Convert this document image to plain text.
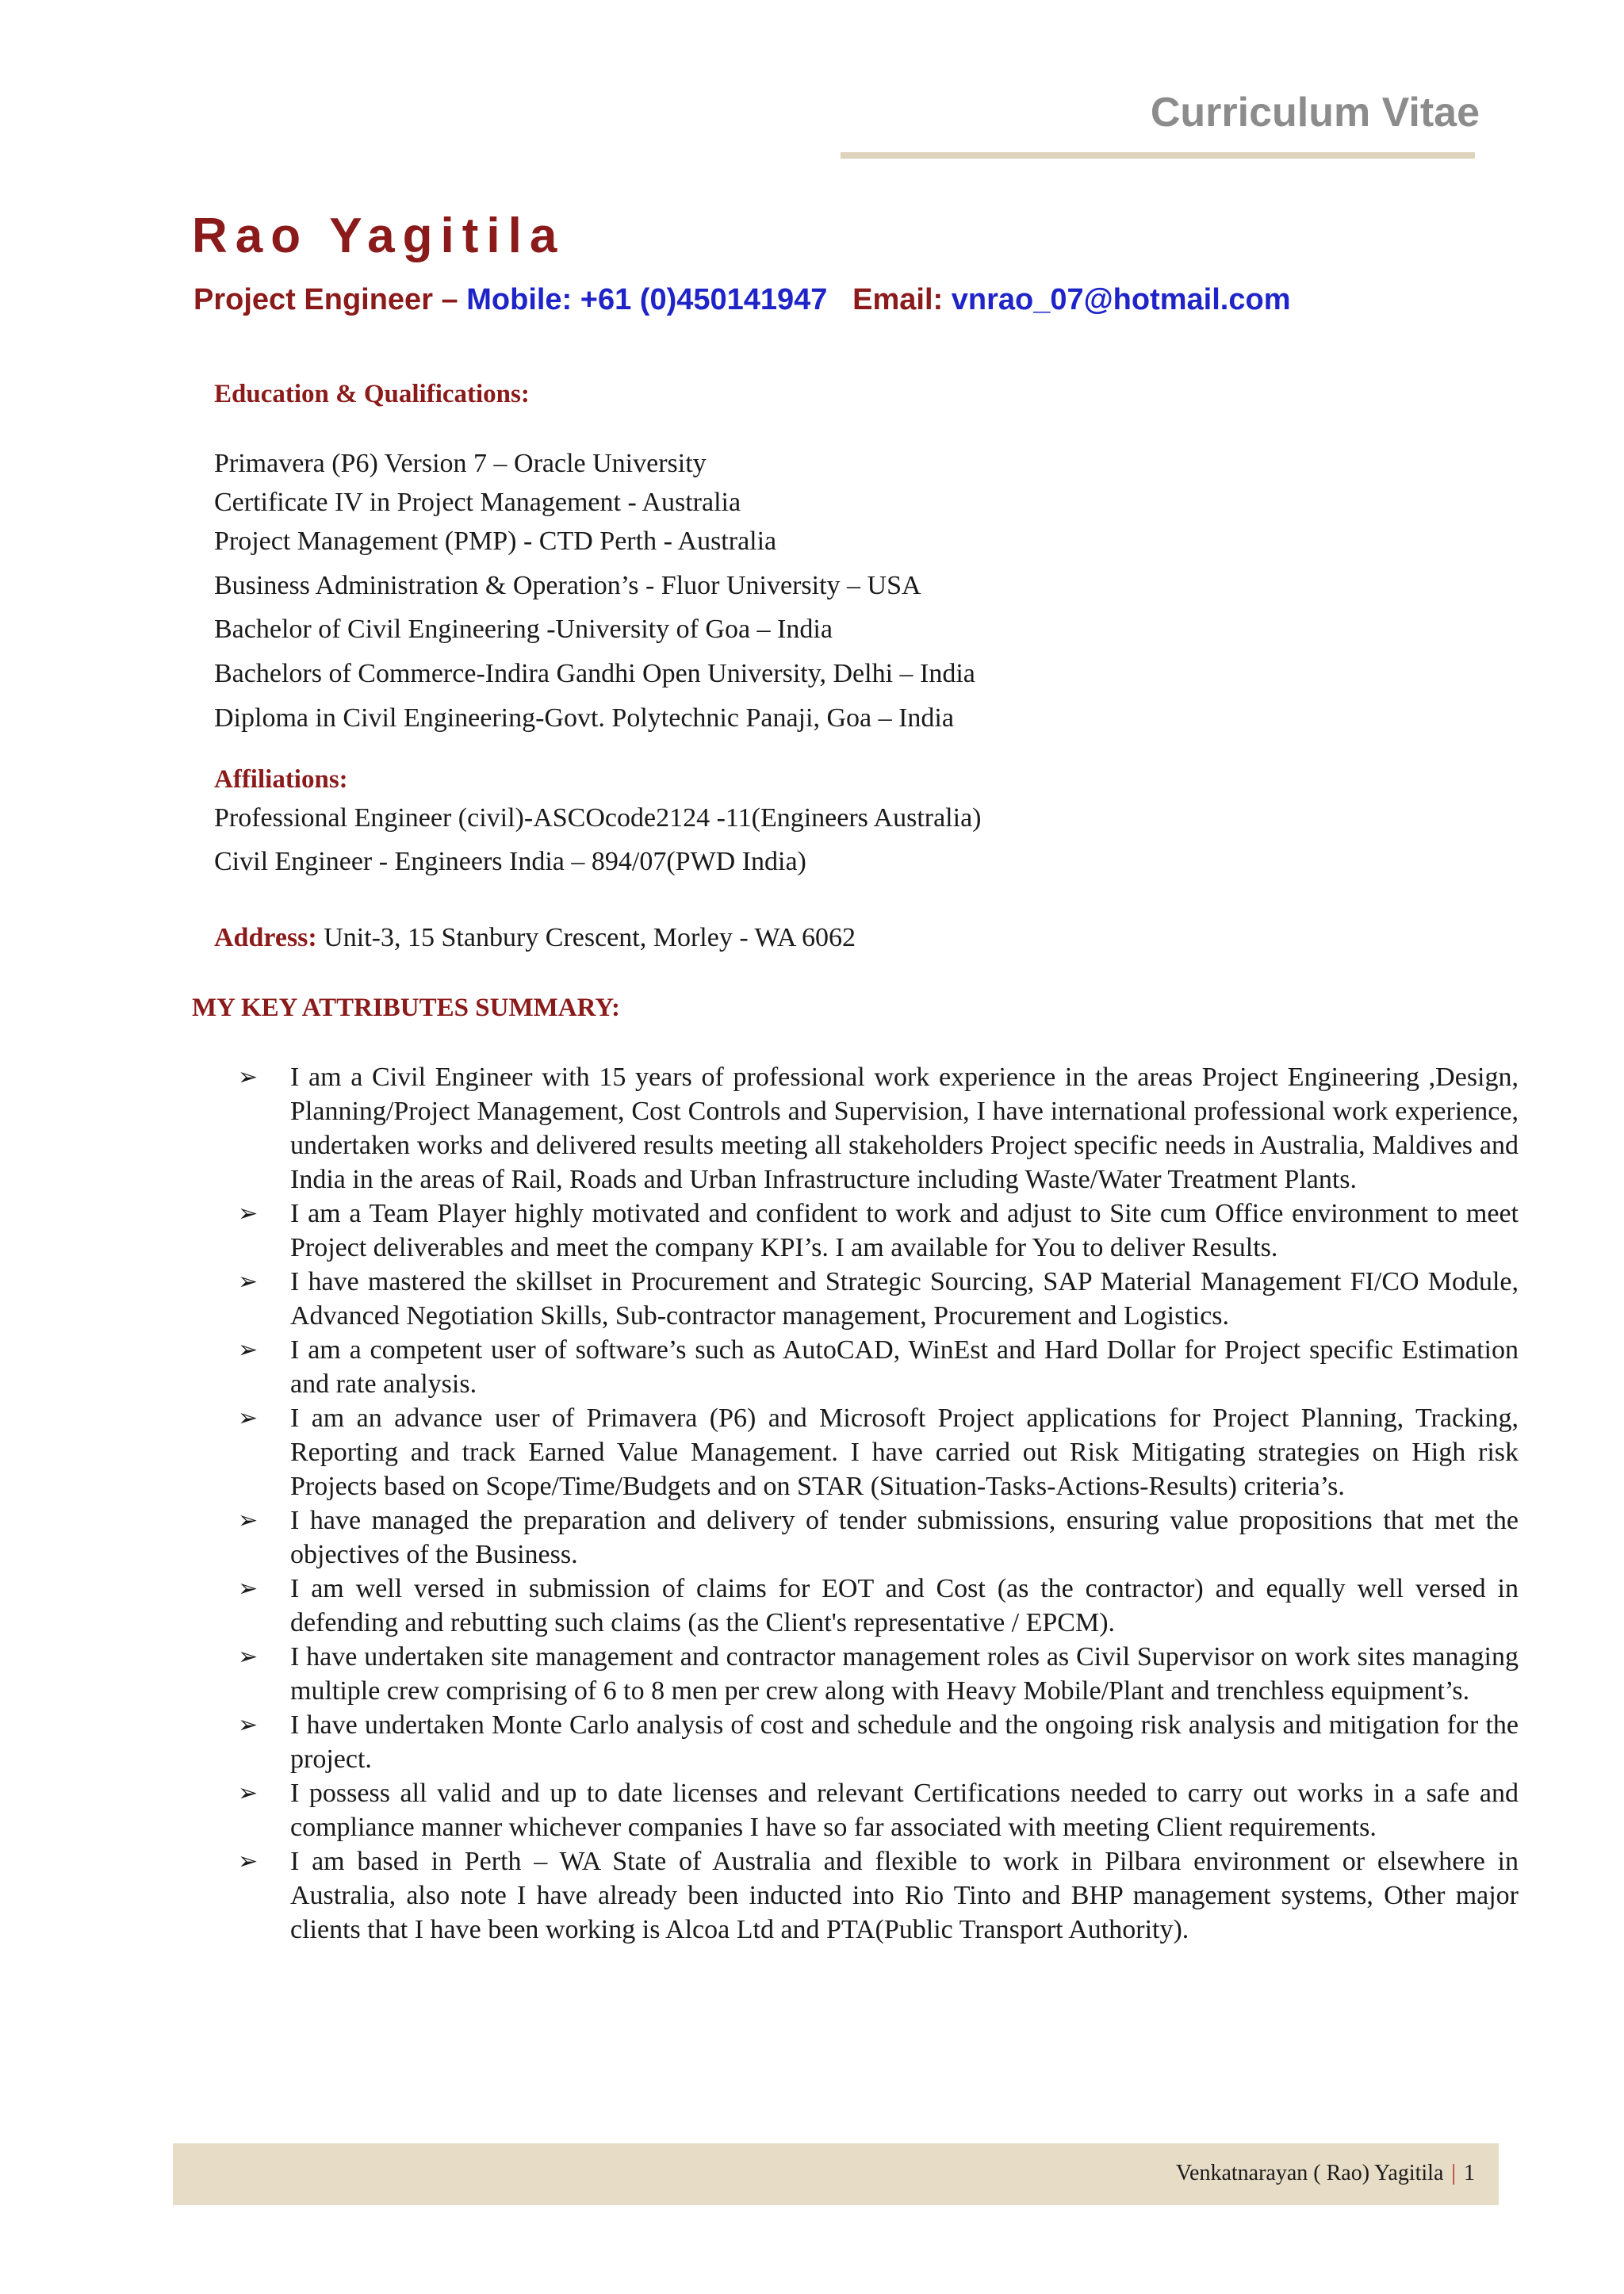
Curriculum Vitae
Rao Yagitila
Project Engineer – Mobile: +61 (0)450141947 Email: vnrao_07@hotmail.com
Education & Qualifications:
Primavera (P6) Version 7 – Oracle University
Certificate IV in Project Management - Australia
Project Management (PMP) - CTD Perth - Australia
Business Administration & Operation’s - Fluor University – USA
Bachelor of Civil Engineering -University of Goa – India
Bachelors of Commerce-Indira Gandhi Open University, Delhi – India
Diploma in Civil Engineering-Govt. Polytechnic Panaji, Goa – India
Affiliations:
Professional Engineer (civil)-ASCOcode2124 -11(Engineers Australia)
Civil Engineer - Engineers India – 894/07(PWD India)
Address: Unit-3, 15 Stanbury Crescent, Morley - WA 6062
MY KEY ATTRIBUTES SUMMARY:
➢ I am a Civil Engineer with 15 years of professional work experience in the areas Project Engineering ,Design, Planning/Project Management, Cost Controls and Supervision, I have international professional work experience, undertaken works and delivered results meeting all stakeholders Project specific needs in Australia, Maldives and India in the areas of Rail, Roads and Urban Infrastructure including Waste/Water Treatment Plants.
➢ I am a Team Player highly motivated and confident to work and adjust to Site cum Office environment to meet Project deliverables and meet the company KPI’s. I am available for You to deliver Results.
➢ I have mastered the skillset in Procurement and Strategic Sourcing, SAP Material Management FI/CO Module, Advanced Negotiation Skills, Sub-contractor management, Procurement and Logistics.
➢ I am a competent user of software’s such as AutoCAD, WinEst and Hard Dollar for Project specific Estimation and rate analysis.
➢ I am an advance user of Primavera (P6) and Microsoft Project applications for Project Planning, Tracking, Reporting and track Earned Value Management. I have carried out Risk Mitigating strategies on High risk Projects based on Scope/Time/Budgets and on STAR (Situation-Tasks-Actions-Results) criteria’s.
➢ I have managed the preparation and delivery of tender submissions, ensuring value propositions that met the objectives of the Business.
➢ I am well versed in submission of claims for EOT and Cost (as the contractor) and equally well versed in defending and rebutting such claims (as the Client's representative / EPCM).
➢ I have undertaken site management and contractor management roles as Civil Supervisor on work sites managing multiple crew comprising of 6 to 8 men per crew along with Heavy Mobile/Plant and trenchless equipment’s.
➢ I have undertaken Monte Carlo analysis of cost and schedule and the ongoing risk analysis and mitigation for the project.
➢ I possess all valid and up to date licenses and relevant Certifications needed to carry out works in a safe and compliance manner whichever companies I have so far associated with meeting Client requirements.
➢ I am based in Perth – WA State of Australia and flexible to work in Pilbara environment or elsewhere in Australia, also note I have already been inducted into Rio Tinto and BHP management systems, Other major clients that I have been working is Alcoa Ltd and PTA(Public Transport Authority).
Venkatnarayan ( Rao) Yagitila | 1
